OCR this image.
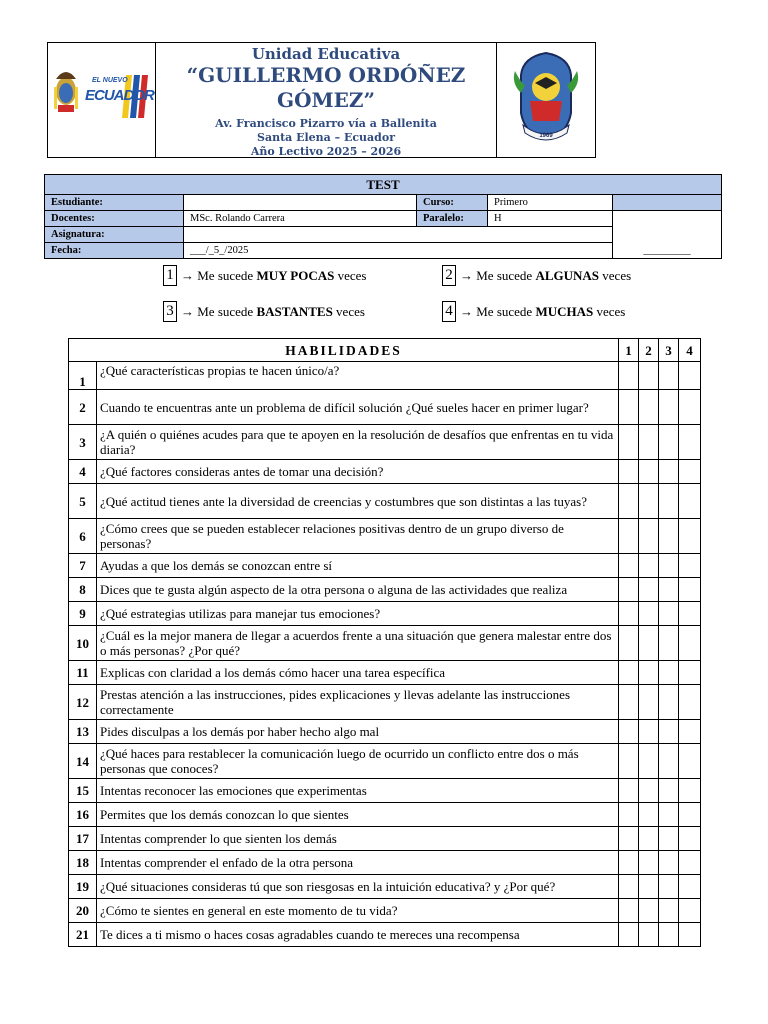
EL NUEVO
ECUADOR
Unidad Educativa
“GUILLERMO ORDÓÑEZ
GÓMEZ”
Av. Francisco Pizarro vía a Ballenita
Santa Elena – Ecuador
Año Lectivo 2025 – 2026
1969
TEST				
Estudiante:		Curso:	Primero	
Docentes:	MSc. Rolando Carrera	Paralelo:	H	_________
Asignatura:				
Fecha:	___/_5_/2025			
1 → Me sucede
MUY POCAS
veces	2 → Me sucede
ALGUNAS
veces
3 → Me sucede
BASTANTES
veces	4 → Me sucede
MUCHAS
veces
HABILIDADES		1	2	3	4
1	¿Qué características propias te hacen único/a?				
2	Cuando te encuentras ante un problema de difícil solución ¿Qué sueles hacer en primer lugar?				
3	¿A quién o quiénes acudes para que te apoyen en la resolución de desafíos que enfrentas en tu vida diaria?				
4	¿Qué factores consideras antes de tomar una decisión?				
5	¿Qué actitud tienes ante la diversidad de creencias y costumbres que son distintas a las tuyas?				
6	¿Cómo crees que se pueden establecer relaciones positivas dentro de un grupo diverso de personas?				
7	Ayudas a que los demás se conozcan entre sí				
8	Dices que te gusta algún aspecto de la otra persona o alguna de las actividades que realiza				
9	¿Qué estrategias utilizas para manejar tus emociones?				
10	¿Cuál es la mejor manera de llegar a acuerdos frente a una situación que genera malestar entre dos o más personas? ¿Por qué?				
11	Explicas con claridad a los demás cómo hacer una tarea específica				
12	Prestas atención a las instrucciones, pides explicaciones y llevas adelante las instrucciones correctamente				
13	Pides disculpas a los demás por haber hecho algo mal				
14	¿Qué haces para restablecer la comunicación luego de ocurrido un conflicto entre dos o más personas que conoces?				
15	Intentas reconocer las emociones que experimentas				
16	Permites que los demás conozcan lo que sientes				
17	Intentas comprender lo que sienten los demás				
18	Intentas comprender el enfado de la otra persona				
19	¿Qué situaciones consideras tú que son riesgosas en la intuición educativa? y ¿Por qué?				
20	¿Cómo te sientes en general en este momento de tu vida?				
21	Te dices a ti mismo o haces cosas agradables cuando te mereces una recompensa				
